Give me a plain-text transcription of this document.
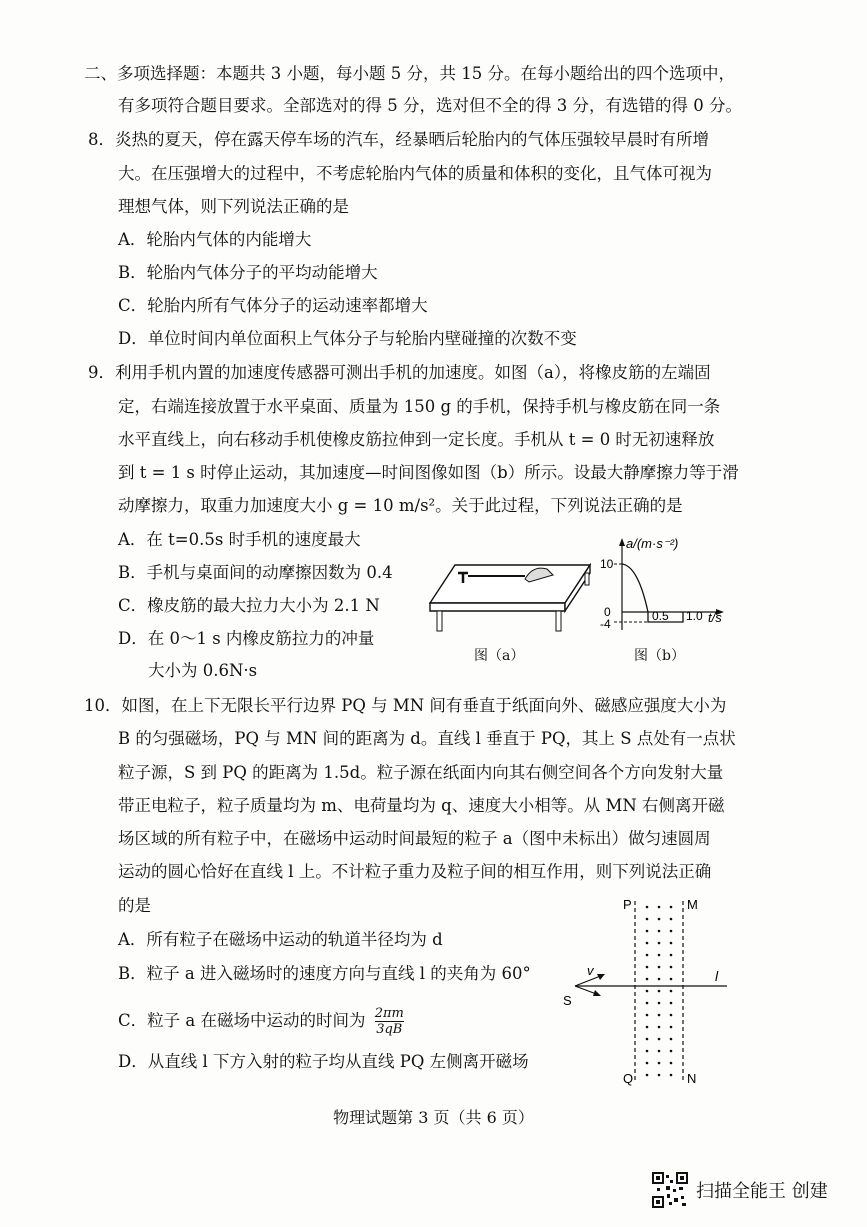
二、多项选择题：本题共 3 小题，每小题 5 分，共 15 分。在每小题给出的四个选项中，
有多项符合题目要求。全部选对的得 5 分，选对但不全的得 3 分，有选错的得 0 分。
8．炎热的夏天，停在露天停车场的汽车，经暴晒后轮胎内的气体压强较早晨时有所增
大。在压强增大的过程中，不考虑轮胎内气体的质量和体积的变化，且气体可视为
理想气体，则下列说法正确的是
A．轮胎内气体的内能增大
B．轮胎内气体分子的平均动能增大
C．轮胎内所有气体分子的运动速率都增大
D．单位时间内单位面积上气体分子与轮胎内壁碰撞的次数不变
9．利用手机内置的加速度传感器可测出手机的加速度。如图（a），将橡皮筋的左端固
定，右端连接放置于水平桌面、质量为 150 g 的手机，保持手机与橡皮筋在同一条
水平直线上，向右移动手机使橡皮筋拉伸到一定长度。手机从 t = 0 时无初速释放
到 t = 1 s 时停止运动，其加速度—时间图像如图（b）所示。设最大静摩擦力等于滑
动摩擦力，取重力加速度大小 g = 10 m/s²。关于此过程，下列说法正确的是
A．在 t=0.5s 时手机的速度最大
B．手机与桌面间的动摩擦因数为 0.4
C．橡皮筋的最大拉力大小为 2.1 N
D．在 0～1 s 内橡皮筋拉力的冲量
大小为 0.6N·s
图（a）
a/(m·s⁻²)
10
0
-4
0.5 1.0 t/s
图（b）
10．如图，在上下无限长平行边界 PQ 与 MN 间有垂直于纸面向外、磁感应强度大小为
B 的匀强磁场，PQ 与 MN 间的距离为 d。直线 l 垂直于 PQ，其上 S 点处有一点状
粒子源，S 到 PQ 的距离为 1.5d。粒子源在纸面内向其右侧空间各个方向发射大量
带正电粒子，粒子质量均为 m、电荷量均为 q、速度大小相等。从 MN 右侧离开磁
场区域的所有粒子中，在磁场中运动时间最短的粒子 a（图中未标出）做匀速圆周
运动的圆心恰好在直线 l 上。不计粒子重力及粒子间的相互作用，则下列说法正确
的是
A．所有粒子在磁场中运动的轨道半径均为 d
B．粒子 a 进入磁场时的速度方向与直线 l 的夹角为 60°
C．粒子 a 在磁场中运动的时间为 $\frac{2\pi m}{3qB}$
D．从直线 l 下方入射的粒子均从直线 PQ 左侧离开磁场
P	M
Q	N
S
v	l
物理试题第 3 页（共 6 页）
扫描全能王 创建
